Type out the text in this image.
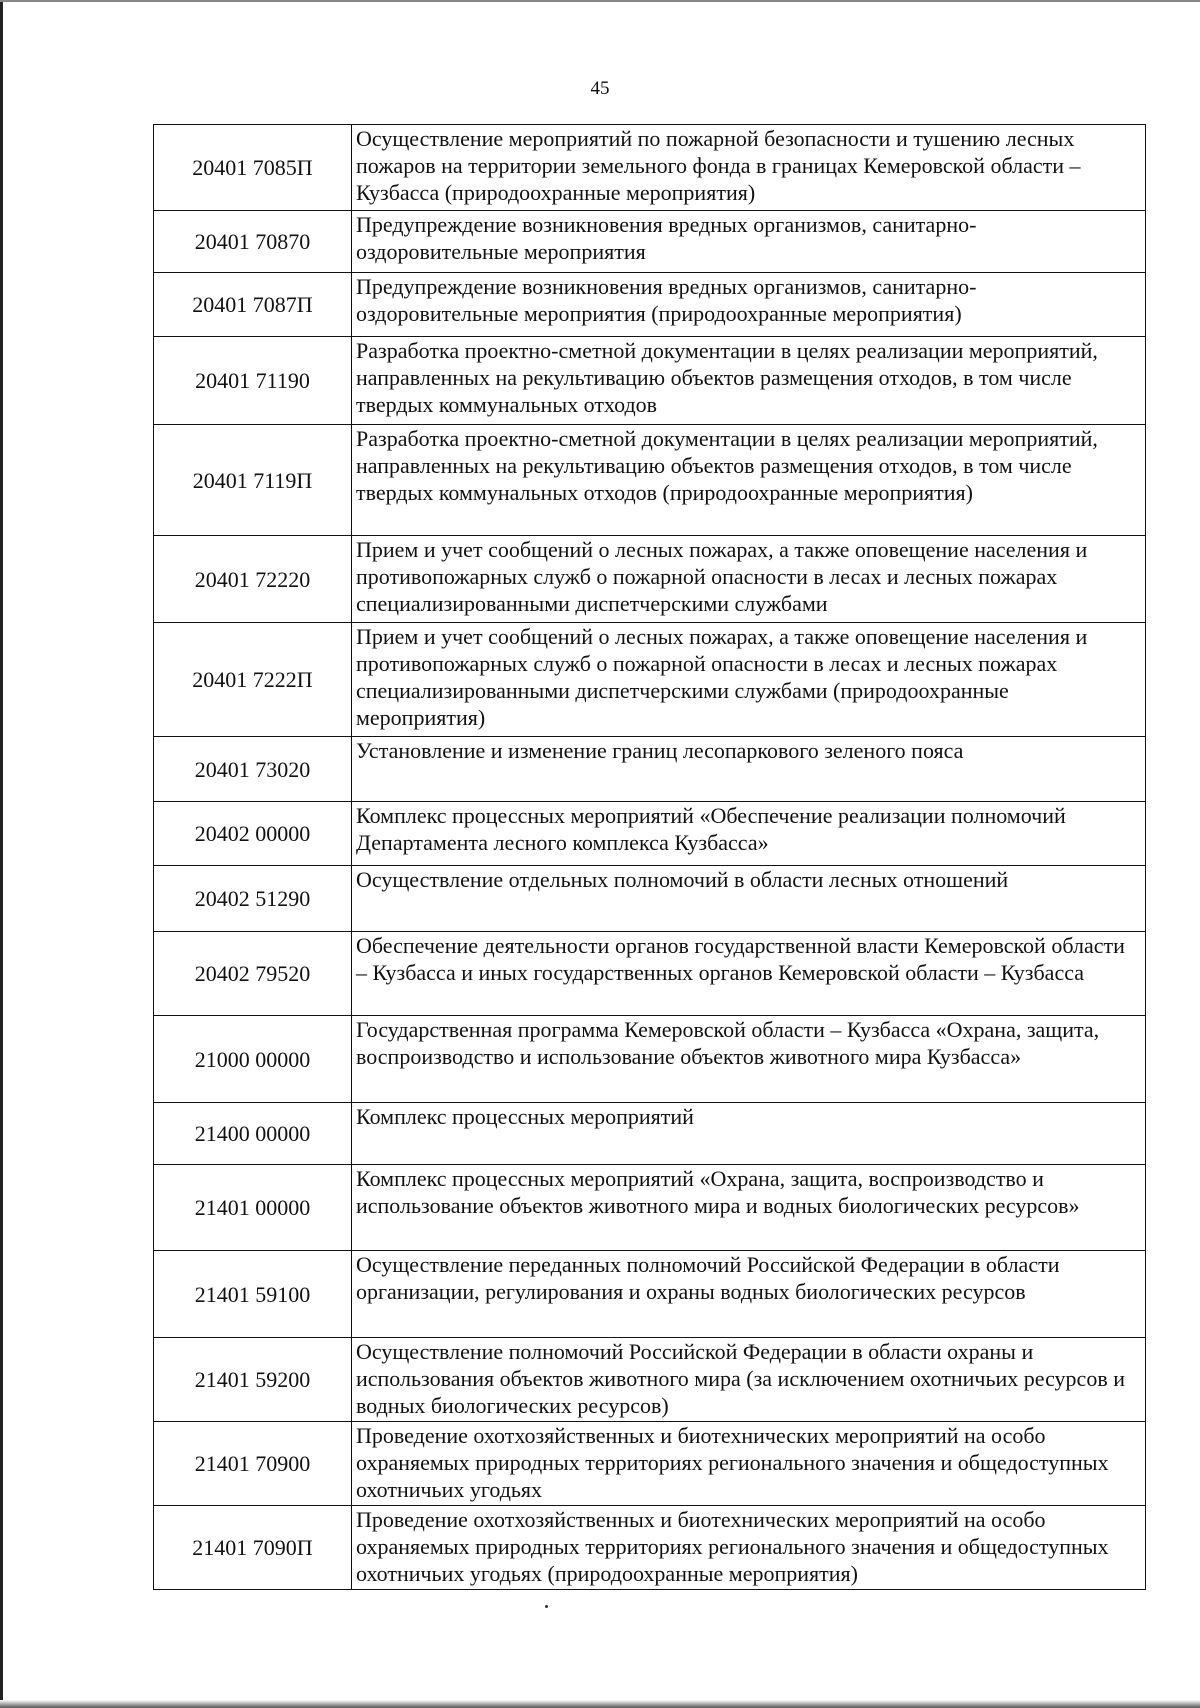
45
20401 7085П	Осуществление мероприятий по пожарной безопасности и тушению лесных пожаров на территории земельного фонда в границах Кемеровской области – Кузбасса (природоохранные мероприятия)
20401 70870	Предупреждение возникновения вредных организмов, санитарно-оздоровительные мероприятия
20401 7087П	Предупреждение возникновения вредных организмов, санитарно-оздоровительные мероприятия (природоохранные мероприятия)
20401 71190	Разработка проектно-сметной документации в целях реализации мероприятий, направленных на рекультивацию объектов размещения отходов, в том числе твердых коммунальных отходов
20401 7119П	Разработка проектно-сметной документации в целях реализации мероприятий, направленных на рекультивацию объектов размещения отходов, в том числе твердых коммунальных отходов (природоохранные мероприятия)
20401 72220	Прием и учет сообщений о лесных пожарах, а также оповещение населения и противопожарных служб о пожарной опасности в лесах и лесных пожарах специализированными диспетчерскими службами
20401 7222П	Прием и учет сообщений о лесных пожарах, а также оповещение населения и противопожарных служб о пожарной опасности в лесах и лесных пожарах специализированными диспетчерскими службами (природоохранные мероприятия)
20401 73020	Установление и изменение границ лесопаркового зеленого пояса
20402 00000	Комплекс процессных мероприятий «Обеспечение реализации полномочий Департамента лесного комплекса Кузбасса»
20402 51290	Осуществление отдельных полномочий в области лесных отношений
20402 79520	Обеспечение деятельности органов государственной власти Кемеровской области – Кузбасса и иных государственных органов Кемеровской области – Кузбасса
21000 00000	Государственная программа Кемеровской области – Кузбасса «Охрана, защита, воспроизводство и использование объектов животного мира Кузбасса»
21400 00000	Комплекс процессных мероприятий
21401 00000	Комплекс процессных мероприятий «Охрана, защита, воспроизводство и использование объектов животного мира и водных биологических ресурсов»
21401 59100	Осуществление переданных полномочий Российской Федерации в области организации, регулирования и охраны водных биологических ресурсов
21401 59200	Осуществление полномочий Российской Федерации в области охраны и использования объектов животного мира (за исключением охотничьих ресурсов и водных биологических ресурсов)
21401 70900	Проведение охотхозяйственных и биотехнических мероприятий на особо охраняемых природных территориях регионального значения и общедоступных охотничьих угодьях
21401 7090П	Проведение охотхозяйственных и биотехнических мероприятий на особо охраняемых природных территориях регионального значения и общедоступных охотничьих угодьях (природоохранные мероприятия)
